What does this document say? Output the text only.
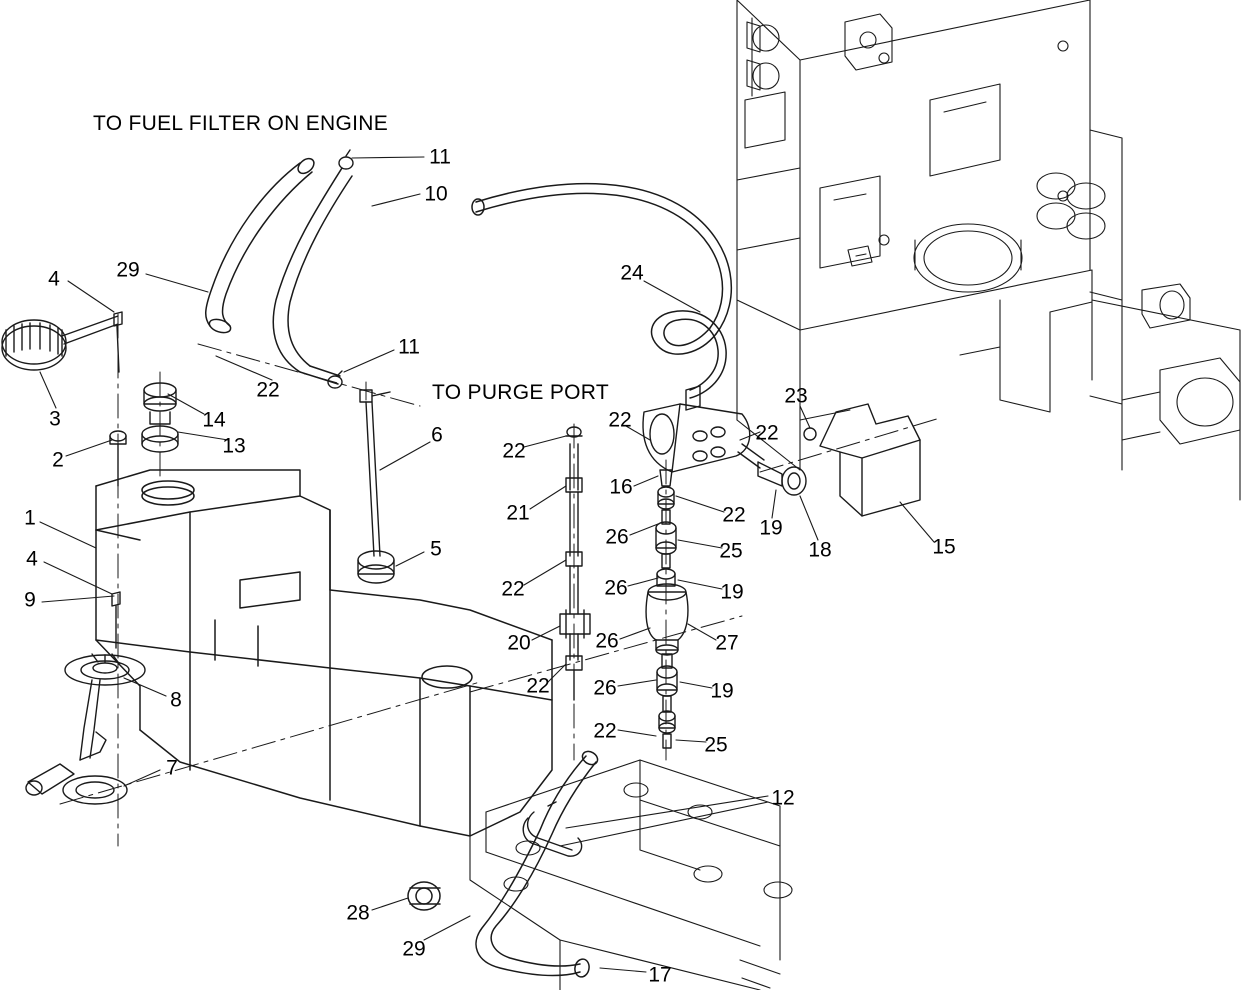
TO FUEL FILTER ON ENGINE
TO PURGE PORT
11
10
29
4	24
11
22
3	14
23
22
22
2
13	6
22
16
21
1	22
19
18	15
5
26
25
4
22	26	19
9
20	26	27
22 26	19
8
22
25
7
12
28
29
17
